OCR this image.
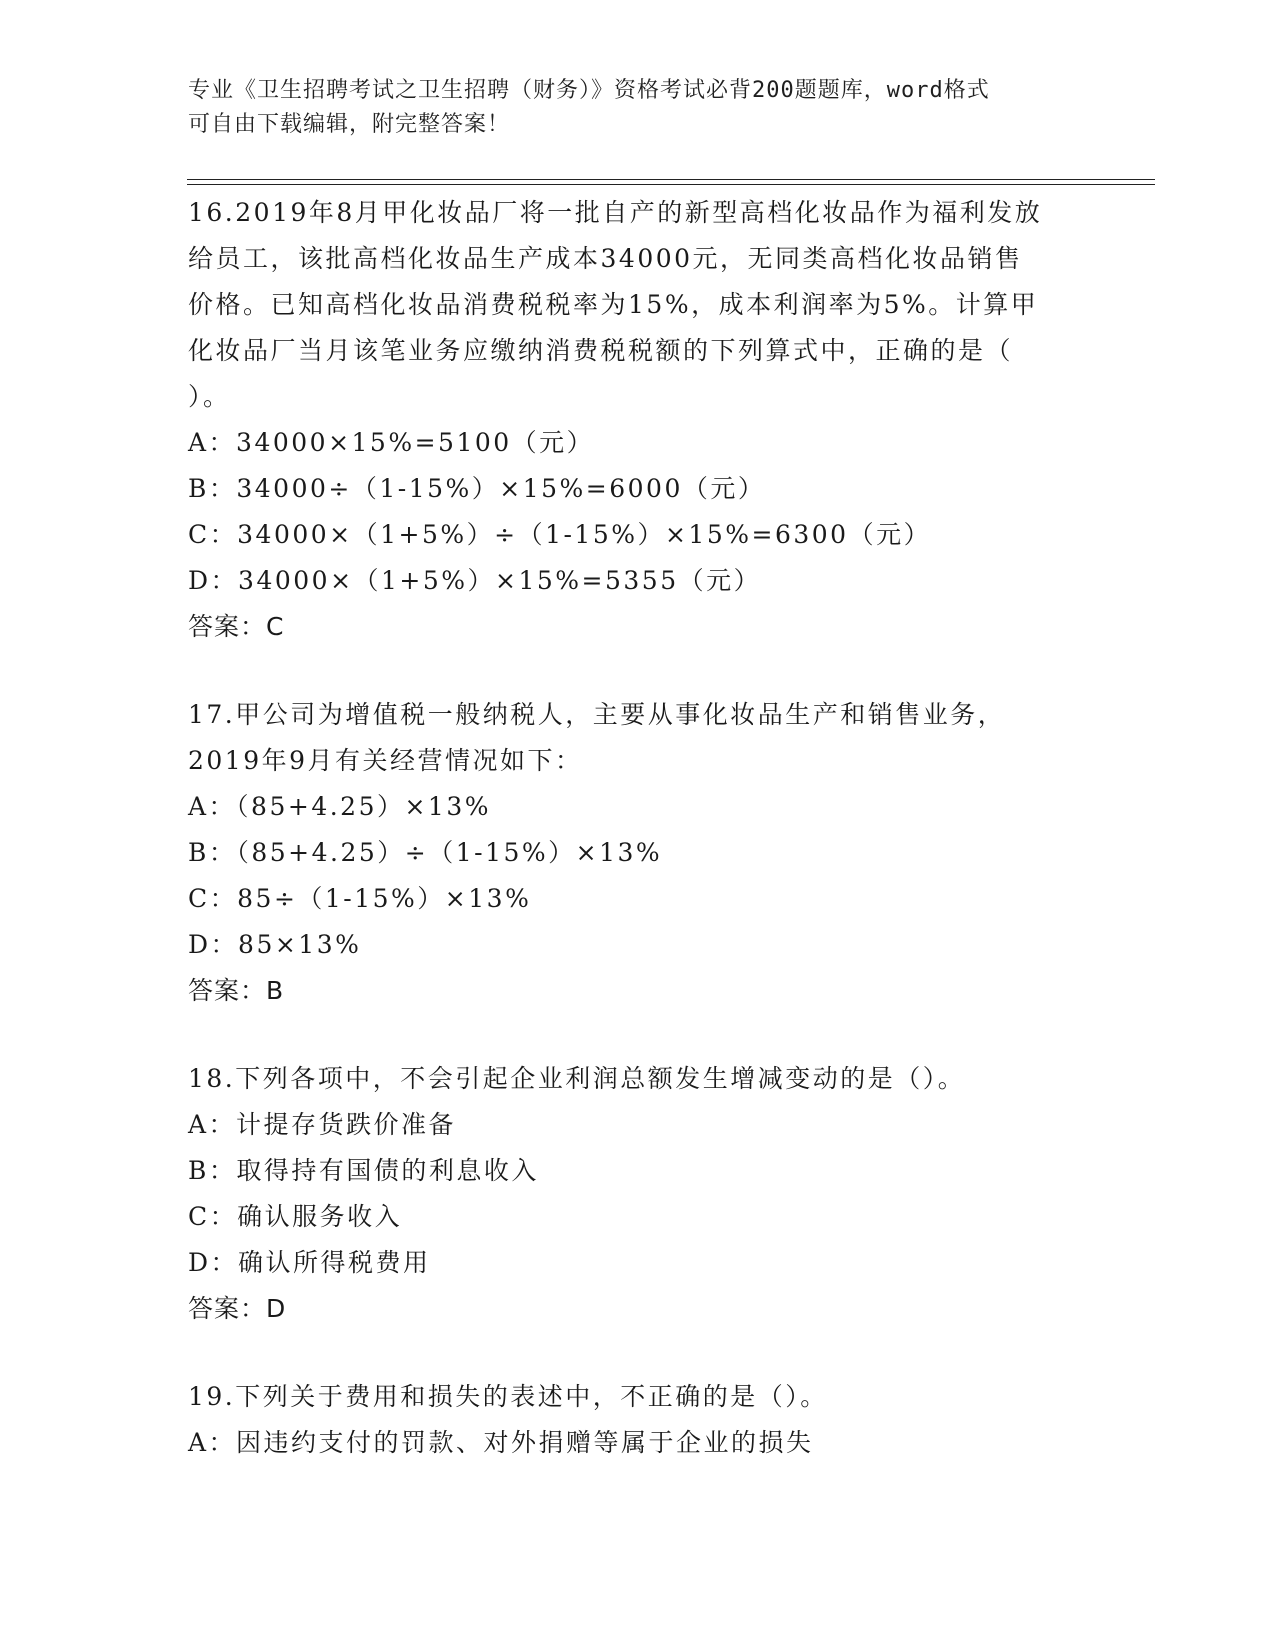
专业《卫生招聘考试之卫生招聘（财务）》资格考试必背200题题库，word格式
可自由下载编辑，附完整答案！
16.2019年8月甲化妆品厂将一批自产的新型高档化妆品作为福利发放
给员工，该批高档化妆品生产成本34000元，无同类高档化妆品销售
价格。已知高档化妆品消费税税率为15%，成本利润率为5%。计算甲
化妆品厂当月该笔业务应缴纳消费税税额的下列算式中，正确的是（
）。
A：34000×15%=5100（元）
B：34000÷（1-15%）×15%=6000（元）
C：34000×（1+5%）÷（1-15%）×15%=6300（元）
D：34000×（1+5%）×15%=5355（元）
答案：C
17.甲公司为增值税一般纳税人，主要从事化妆品生产和销售业务，
2019年9月有关经营情况如下：
A：（85+4.25）×13%
B：（85+4.25）÷（1-15%）×13%
C：85÷（1-15%）×13%
D：85×13%
答案：B
18.下列各项中，不会引起企业利润总额发生增减变动的是（）。
A：计提存货跌价准备
B：取得持有国债的利息收入
C：确认服务收入
D：确认所得税费用
答案：D
19.下列关于费用和损失的表述中，不正确的是（）。
A：因违约支付的罚款、对外捐赠等属于企业的损失
